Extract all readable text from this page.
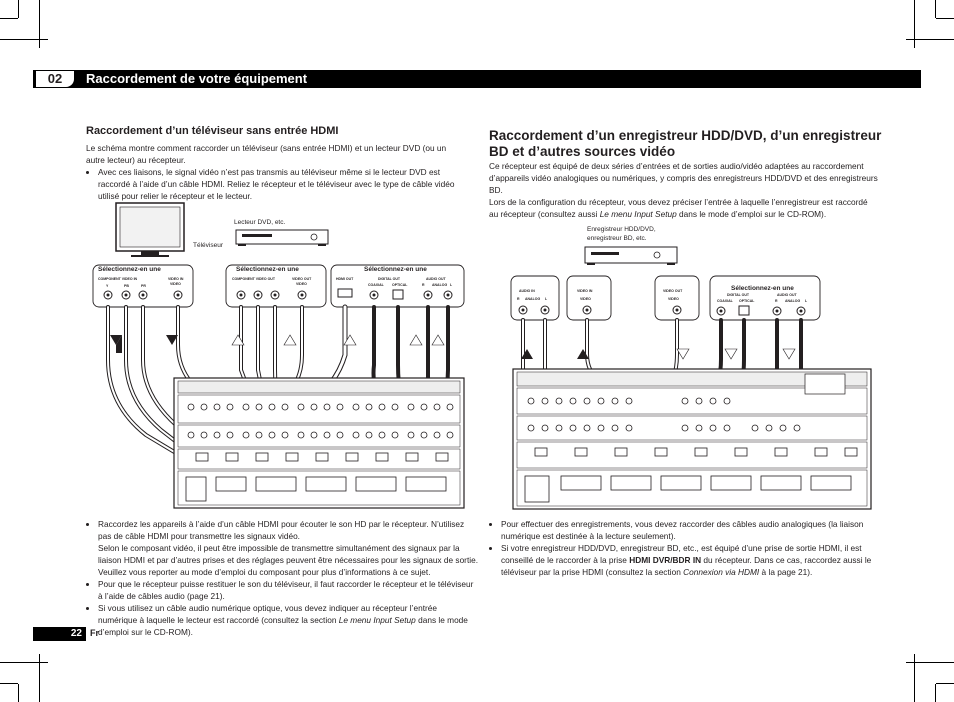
02	Raccordement de votre équipement
Raccordement d’un téléviseur sans entrée HDMI

Le schéma montre comment raccorder un téléviseur (sans entrée HDMI) et un lecteur DVD (ou un autre lecteur) au récepteur.

• Avec ces liaisons, le signal vidéo n’est pas transmis au téléviseur même si le lecteur DVD est raccordé à l’aide d’un câble HDMI. Reliez le récepteur et le téléviseur avec le type de câble vidéo utilisé pour relier le récepteur et le lecteur.
Téléviseur
Lecteur DVD, etc.
Sélectionnez-en une
COMPONENT VIDEO IN	VIDEO IN
VIDEO
Y	PB	PR
Sélectionnez-en une
COMPONENT VIDEO OUT	VIDEO OUT
VIDEO
Sélectionnez-en une
HDMI OUT	DIGITAL OUT
COAXIAL OPTICAL
AUDIO OUT
R ANALOG L
• Raccordez les appareils à l’aide d’un câble HDMI pour écouter le son HD par le récepteur. N’utilisez pas de câble HDMI pour transmettre les signaux vidéo.
Selon le composant vidéo, il peut être impossible de transmettre simultanément des signaux par la liaison HDMI et par d’autres prises et des réglages peuvent être nécessaires pour les signaux de sortie. Veuillez vous reporter au mode d’emploi du composant pour plus d’informations à ce sujet.
• Pour que le récepteur puisse restituer le son du téléviseur, il faut raccorder le récepteur et le téléviseur à l’aide de câbles audio (page 21).
• Si vous utilisez un câble audio numérique optique, vous devez indiquer au récepteur l’entrée numérique à laquelle le lecteur est raccordé (consultez la section Le menu Input Setup dans le mode d’emploi sur le CD-ROM).
Raccordement d’un enregistreur HDD/DVD, d’un enregistreur BD et d’autres sources vidéo

Ce récepteur est équipé de deux séries d’entrées et de sorties audio/vidéo adaptées au raccordement d’appareils vidéo analogiques ou numériques, y compris des enregistreurs HDD/DVD et des enregistreurs BD.

Lors de la configuration du récepteur, vous devez préciser l’entrée à laquelle l’enregistreur est raccordé au récepteur (consultez aussi Le menu Input Setup dans le mode d’emploi sur le CD-ROM).

Enregistreur HDD/DVD,
enregistreur BD, etc.
AUDIO IN
R ANALOG L
VIDEO IN
VIDEO
VIDEO OUT
VIDEO
Sélectionnez-en une
DIGITAL OUT	AUDIO OUT
COAXIAL OPTICAL	R ANALOG L
• Pour effectuer des enregistrements, vous devez raccorder des câbles audio analogiques (la liaison numérique est destinée à la lecture seulement).
• Si votre enregistreur HDD/DVD, enregistreur BD, etc., est équipé d’une prise de sortie HDMI, il est conseillé de le raccorder à la prise HDMI DVR/BDR IN du récepteur. Dans ce cas, raccordez aussi le téléviseur par la prise HDMI (consultez la section Connexion via HDMI à la page 21).
22 Fr
